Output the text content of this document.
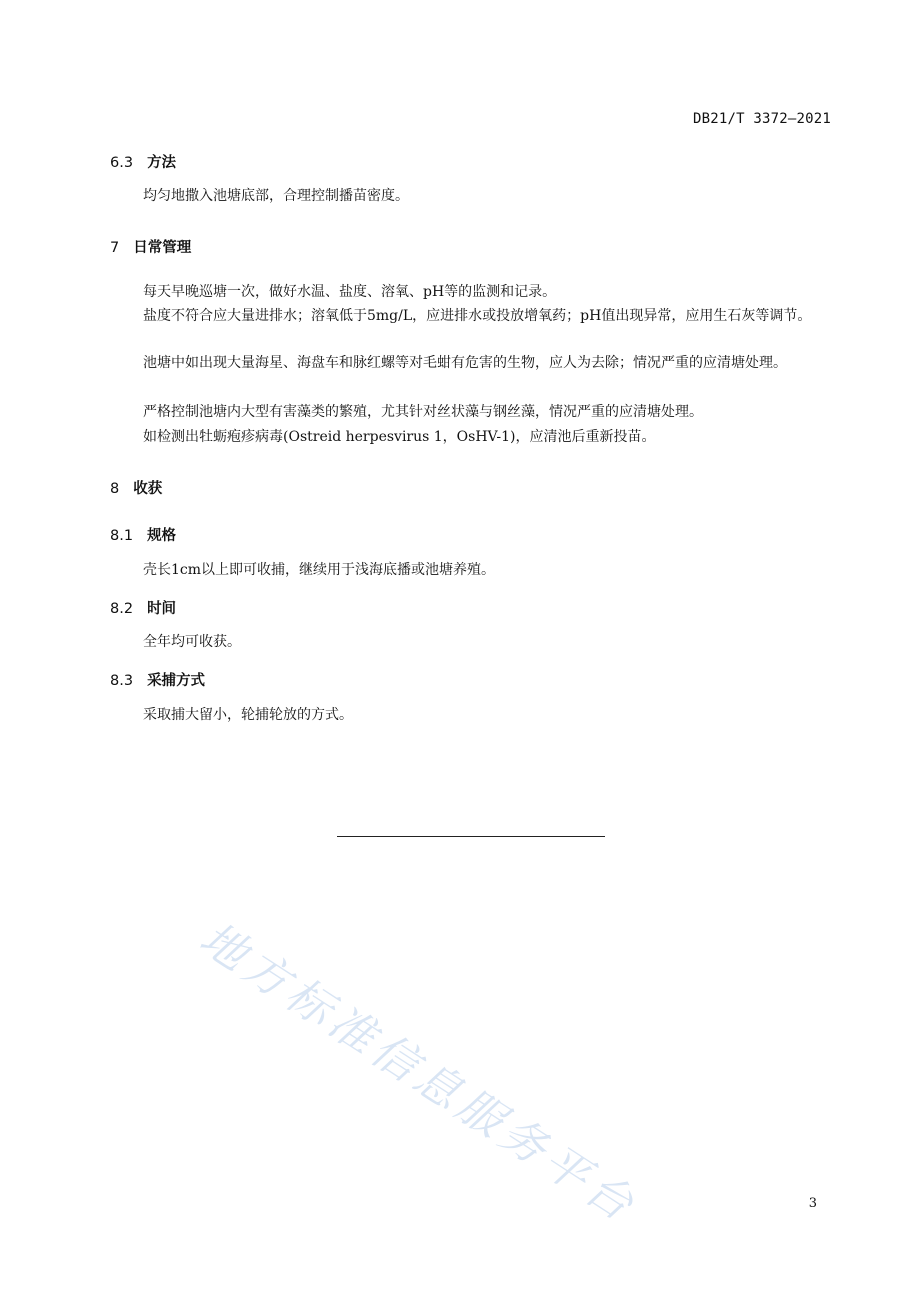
DB21/T 3372—2021
6.3 方法
均匀地撒入池塘底部，合理控制播苗密度。
7 日常管理
每天早晚巡塘一次，做好水温、盐度、溶氧、pH等的监测和记录。
盐度不符合应大量进排水；溶氧低于5mg/L，应进排水或投放增氧药；pH值出现异常，应用生石灰等调节。
池塘中如出现大量海星、海盘车和脉红螺等对毛蚶有危害的生物，应人为去除；情况严重的应清塘处理。
严格控制池塘内大型有害藻类的繁殖，尤其针对丝状藻与钢丝藻，情况严重的应清塘处理。
如检测出牡蛎疱疹病毒(Ostreid herpesvirus 1，OsHV-1)，应清池后重新投苗。
8 收获
8.1 规格
壳长1cm以上即可收捕，继续用于浅海底播或池塘养殖。
8.2 时间
全年均可收获。
8.3 采捕方式
采取捕大留小，轮捕轮放的方式。
地方标准信息服务平台	3
